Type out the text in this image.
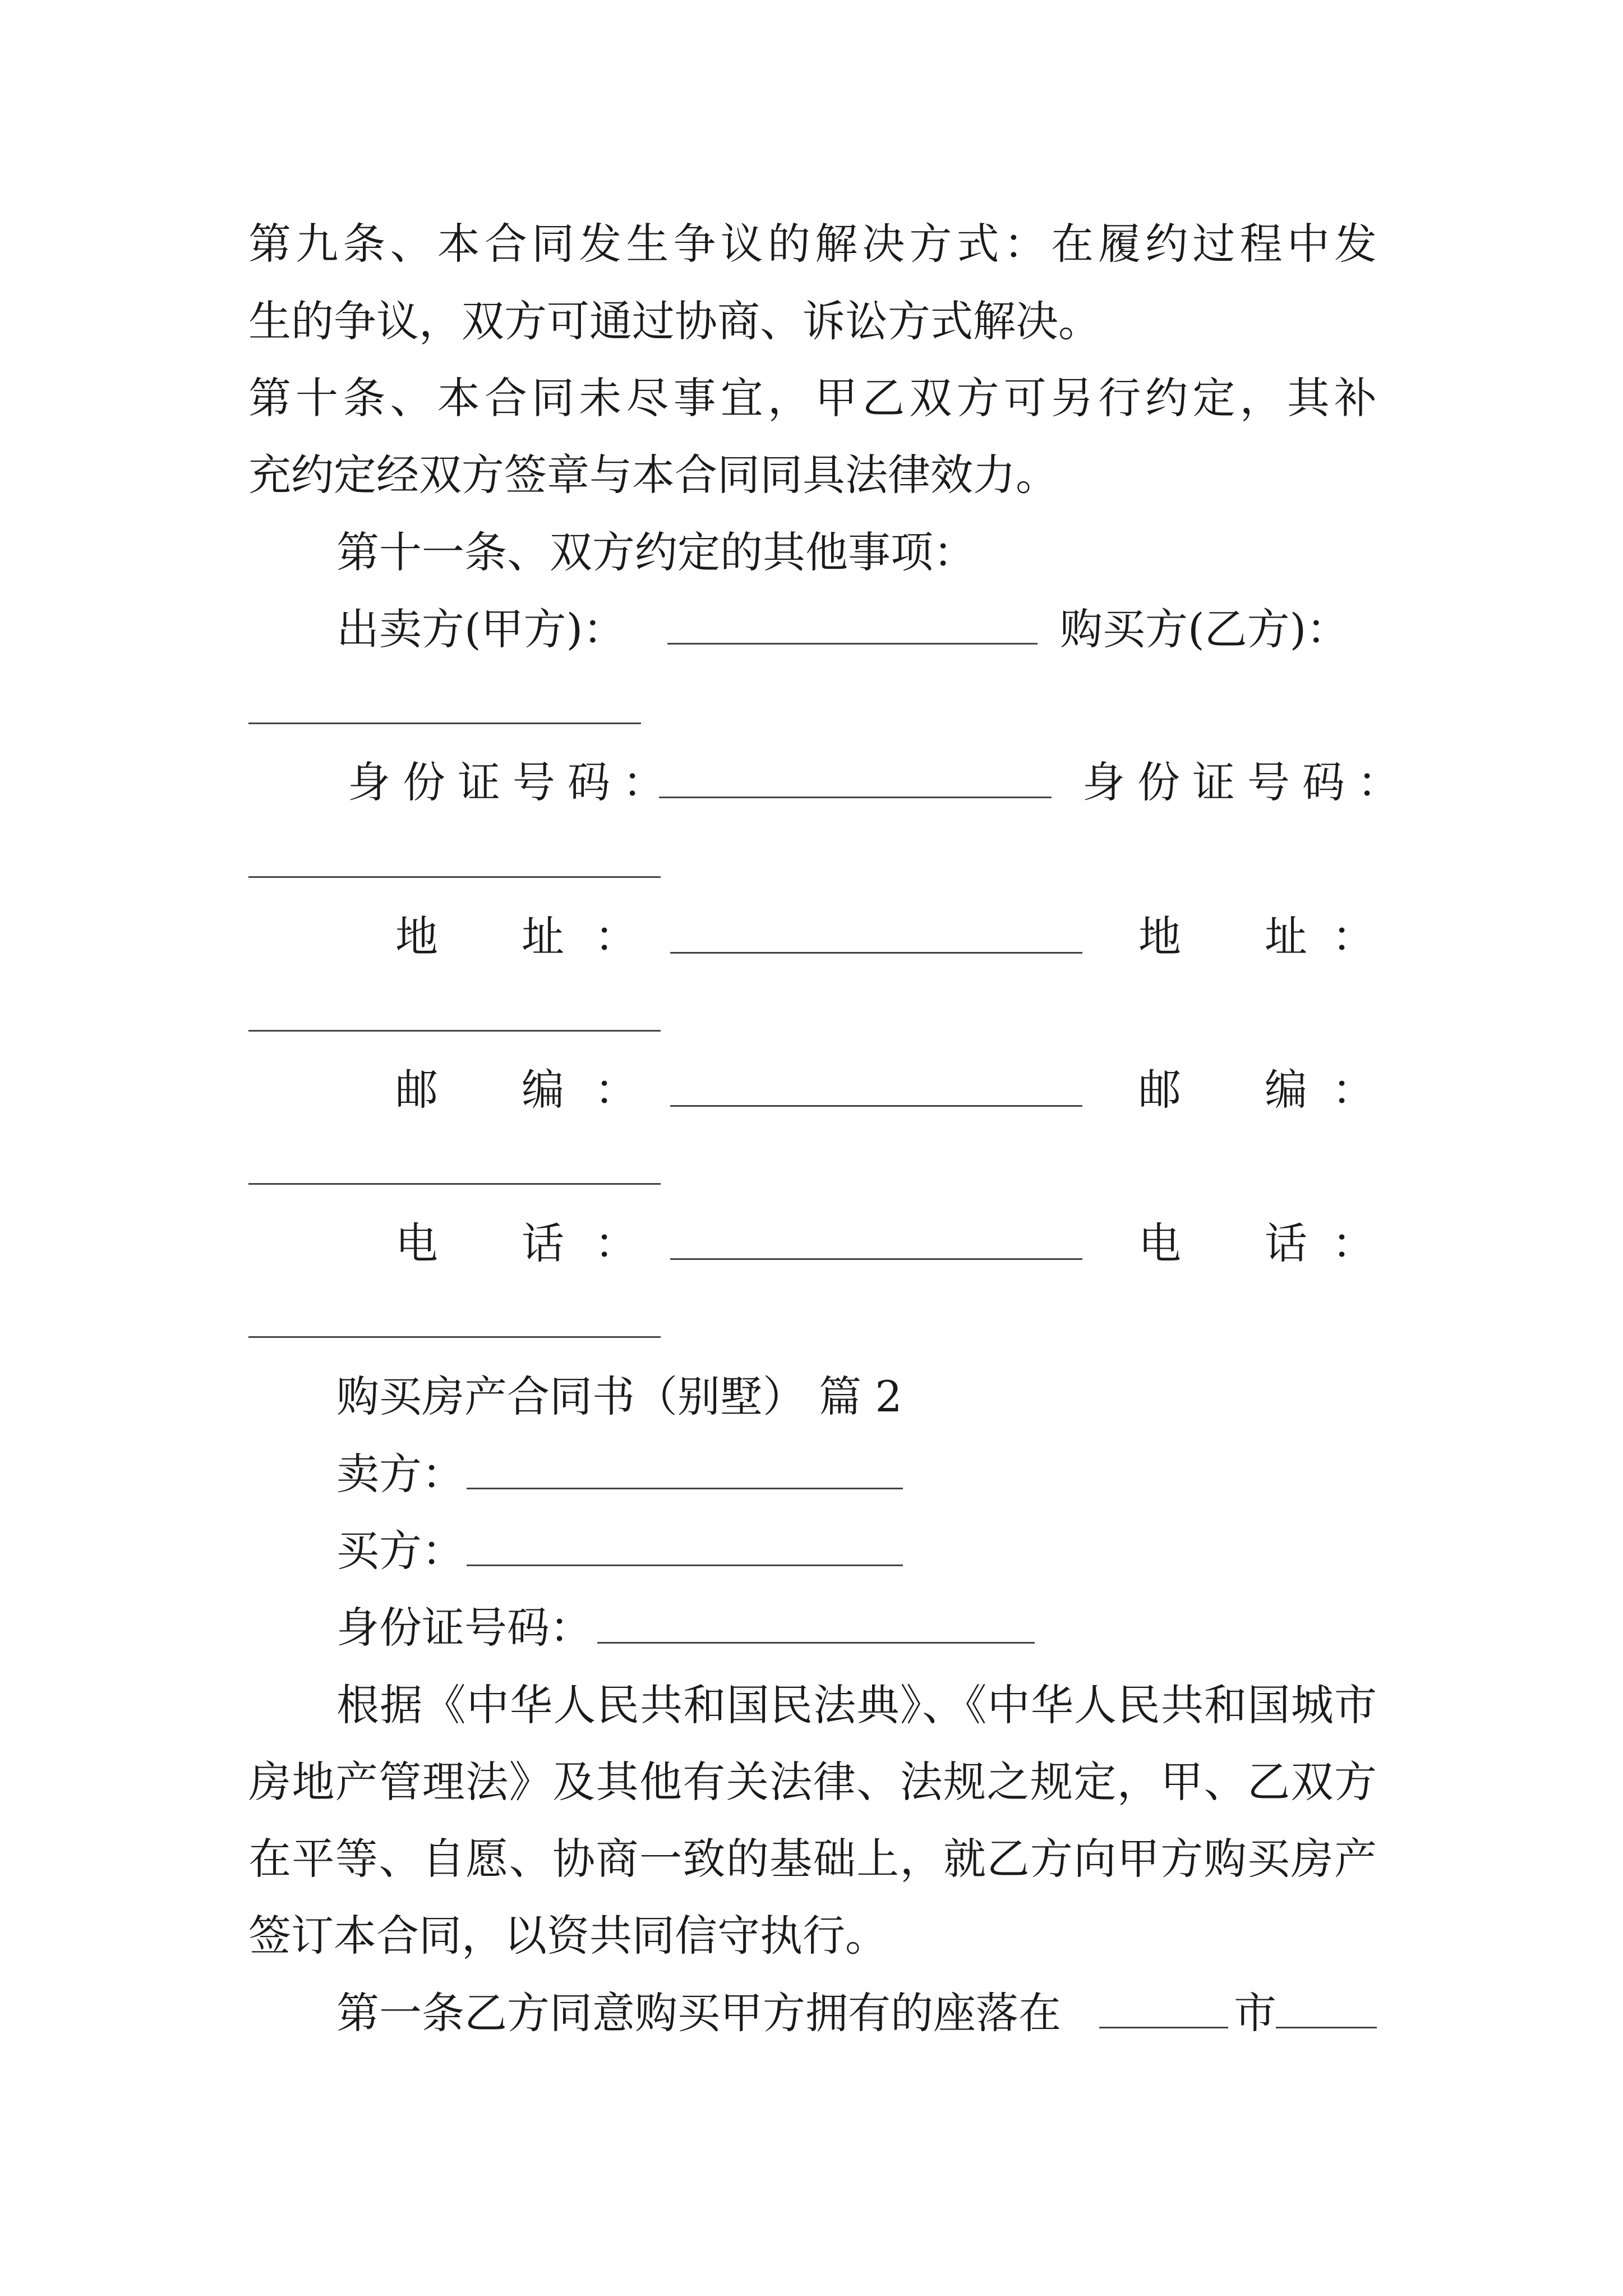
第九条、本合同发生争议的解决方式：在履约过程中发
生的争议，双方可通过协商、诉讼方式解决。
第十条、本合同未尽事宜，甲乙双方可另行约定，其补
充约定经双方签章与本合同同具法律效力。
第十一条、双方约定的其他事项：
出卖方(甲方)：	购买方(乙方)：
身份证号码：	身份证号码：
地 址 ：	地 址 ：
邮 编 ：	邮 编 ：
电 话 ：	电 话 ：
购买房产合同书（别墅） 篇 2
卖方：
买方：
身份证号码：
根据《中华人民共和国民法典》、《中华人民共和国城市
房地产管理法》及其他有关法律、法规之规定，甲、乙双方
在平等、自愿、协商一致的基础上，就乙方向甲方购买房产
签订本合同，以资共同信守执行。
第一条乙方同意购买甲方拥有的座落在	市
